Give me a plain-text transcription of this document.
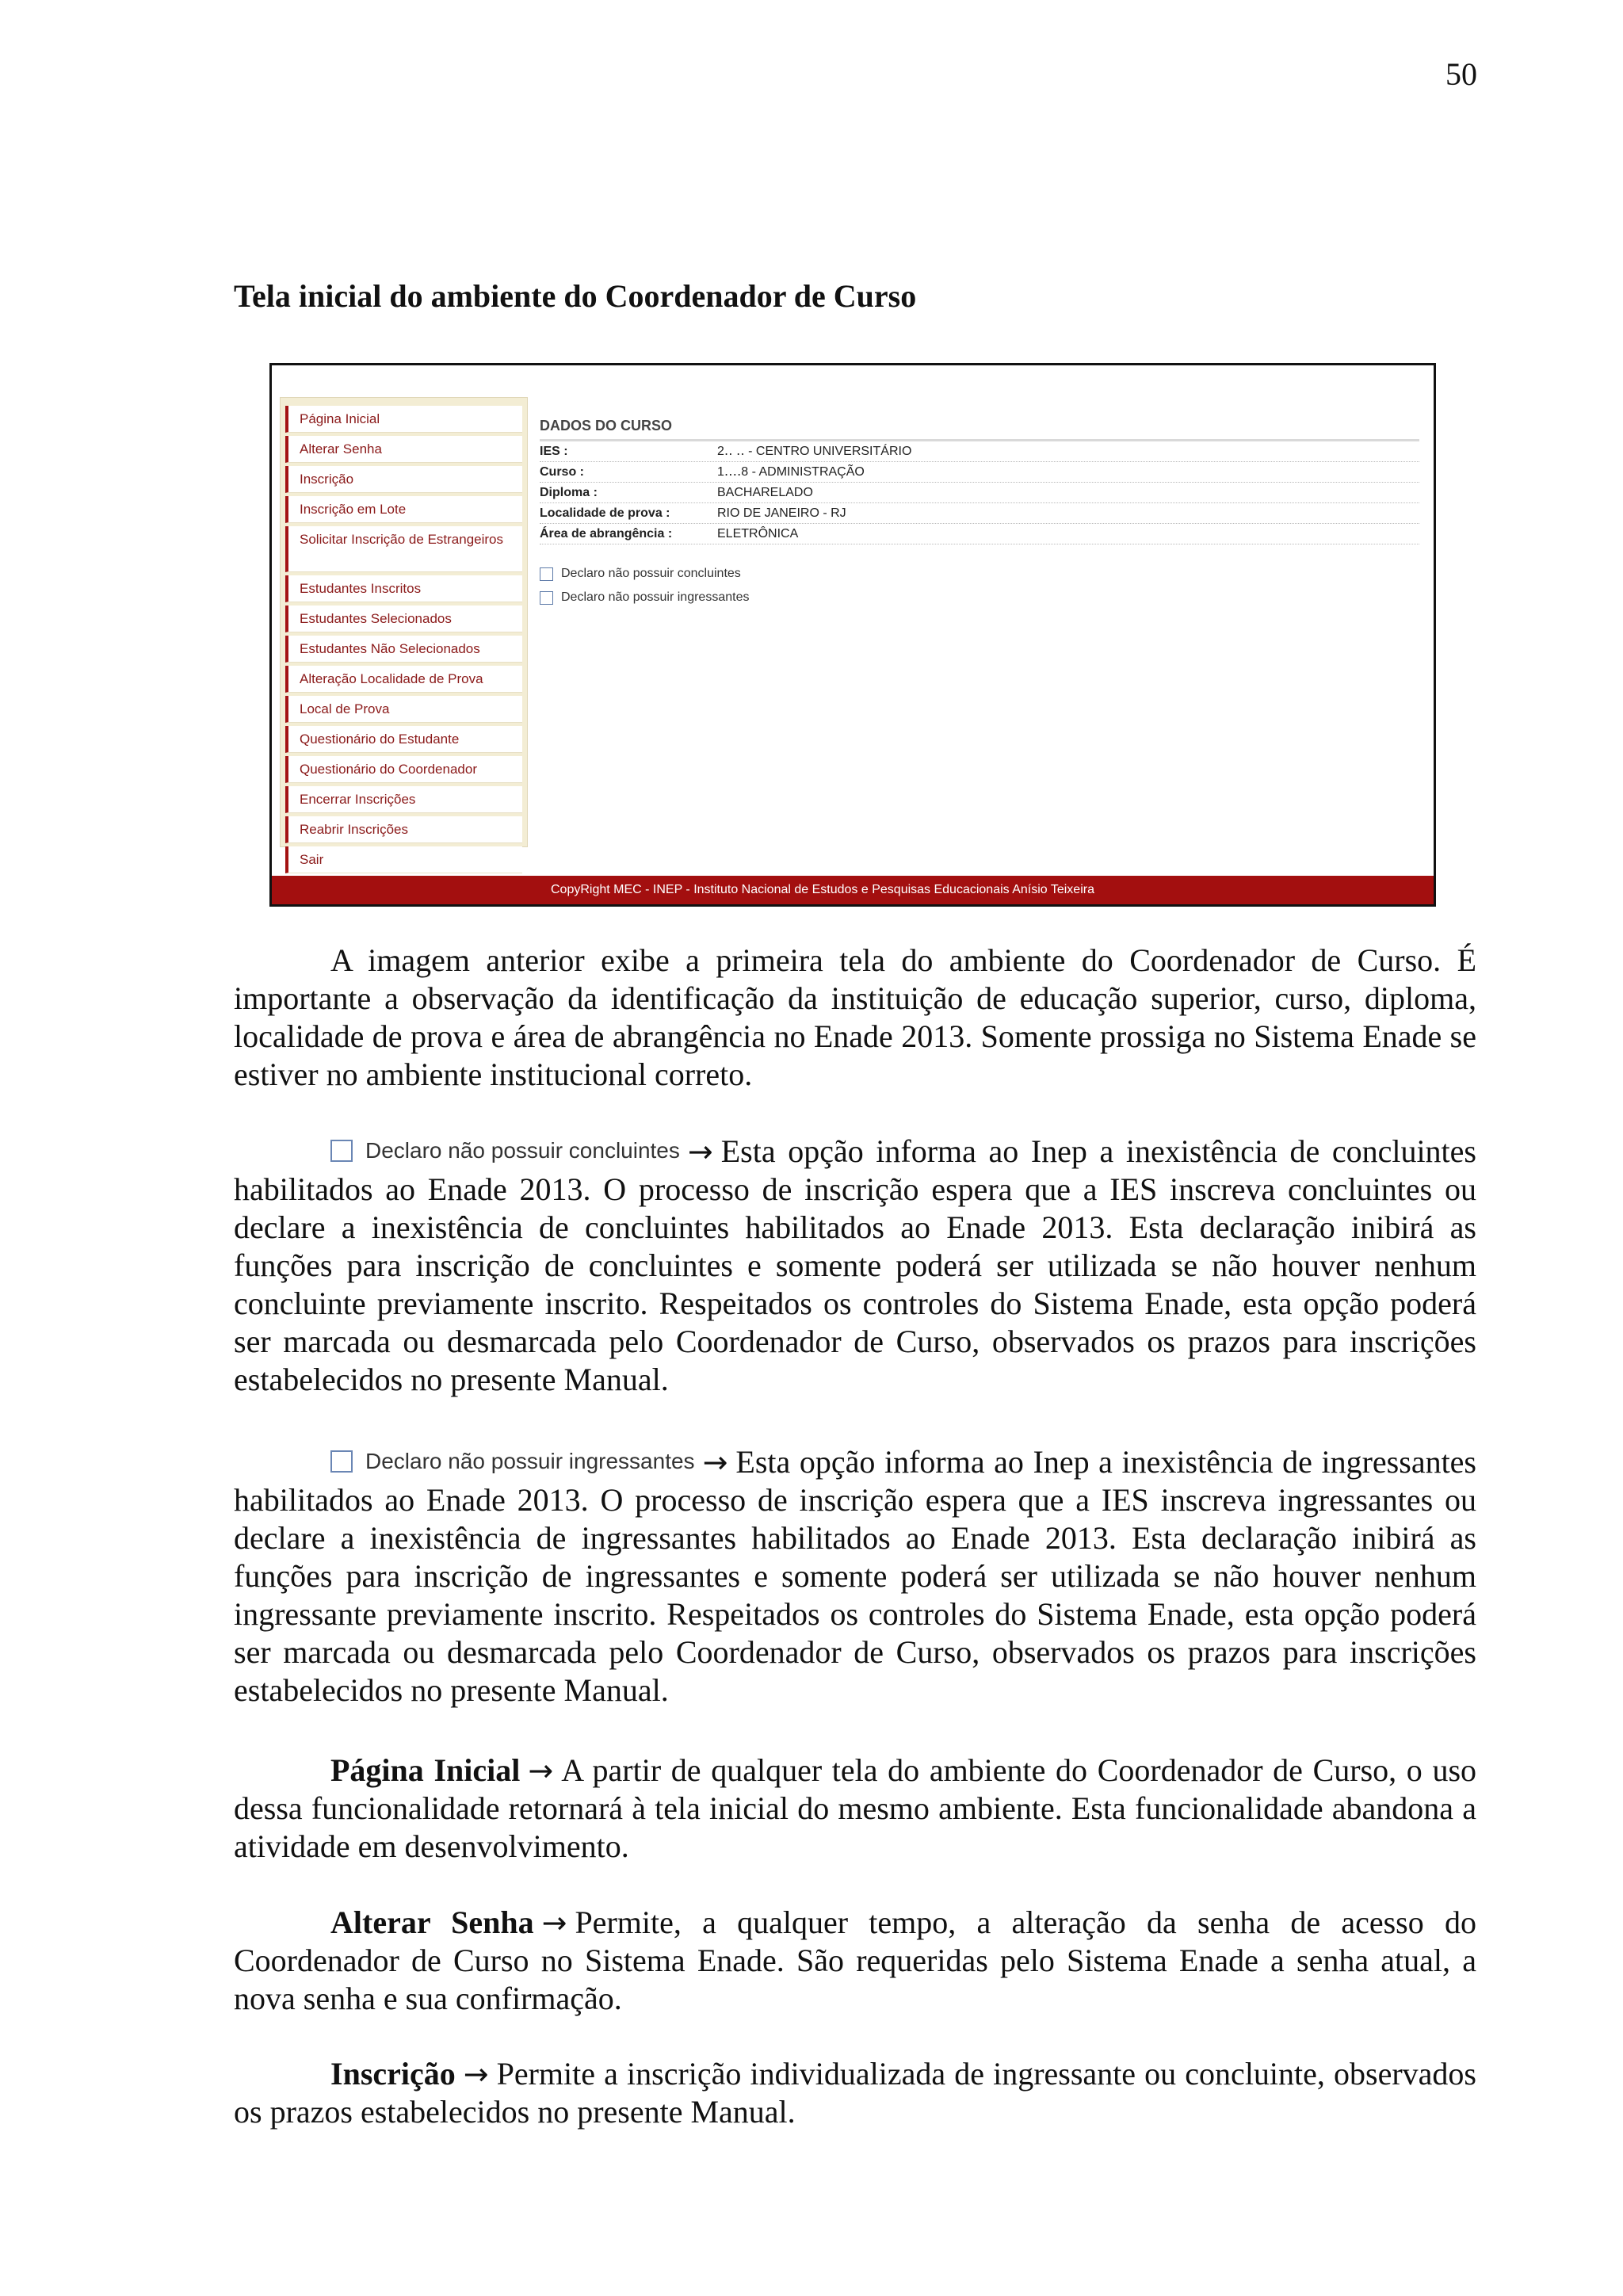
50
Tela inicial do ambiente do Coordenador de Curso
Página Inicial
Alterar Senha
Inscrição
Inscrição em Lote
Solicitar Inscrição de Estrangeiros
Estudantes Inscritos
Estudantes Selecionados
Estudantes Não Selecionados
Alteração Localidade de Prova
Local de Prova
Questionário do Estudante
Questionário do Coordenador
Encerrar Inscrições
Reabrir Inscrições
Sair
DADOS DO CURSO
IES :	2‥ ‥ - CENTRO UNIVERSITÁRIO
Curso :	1‥‥8 - ADMINISTRAÇÃO
Diploma :	BACHARELADO
Localidade de prova :	RIO DE JANEIRO - RJ
Área de abrangência :	ELETRÔNICA
Declaro não possuir concluintes
Declaro não possuir ingressantes
CopyRight MEC - INEP - Instituto Nacional de Estudos e Pesquisas Educacionais Anísio Teixeira

A imagem anterior exibe a primeira tela do ambiente do Coordenador de Curso. É importante a observação da identificação da instituição de educação superior, curso, diploma, localidade de prova e área de abrangência no Enade 2013. Somente prossiga no Sistema Enade se estiver no ambiente institucional correto.

Declaro não possuir concluintes → Esta opção informa ao Inep a inexistência de concluintes habilitados ao Enade 2013. O processo de inscrição espera que a IES inscreva concluintes ou declare a inexistência de concluintes habilitados ao Enade 2013. Esta declaração inibirá as funções para inscrição de concluintes e somente poderá ser utilizada se não houver nenhum concluinte previamente inscrito. Respeitados os controles do Sistema Enade, esta opção poderá ser marcada ou desmarcada pelo Coordenador de Curso, observados os prazos para inscrições estabelecidos no presente Manual.

Declaro não possuir ingressantes → Esta opção informa ao Inep a inexistência de ingressantes habilitados ao Enade 2013. O processo de inscrição espera que a IES inscreva ingressantes ou declare a inexistência de ingressantes habilitados ao Enade 2013. Esta declaração inibirá as funções para inscrição de ingressantes e somente poderá ser utilizada se não houver nenhum ingressante previamente inscrito. Respeitados os controles do Sistema Enade, esta opção poderá ser marcada ou desmarcada pelo Coordenador de Curso, observados os prazos para inscrições estabelecidos no presente Manual.

Página Inicial → A partir de qualquer tela do ambiente do Coordenador de Curso, o uso dessa funcionalidade retornará à tela inicial do mesmo ambiente. Esta funcionalidade abandona a atividade em desenvolvimento.

Alterar Senha → Permite, a qualquer tempo, a alteração da senha de acesso do Coordenador de Curso no Sistema Enade. São requeridas pelo Sistema Enade a senha atual, a nova senha e sua confirmação.

Inscrição → Permite a inscrição individualizada de ingressante ou concluinte, observados os prazos estabelecidos no presente Manual.
